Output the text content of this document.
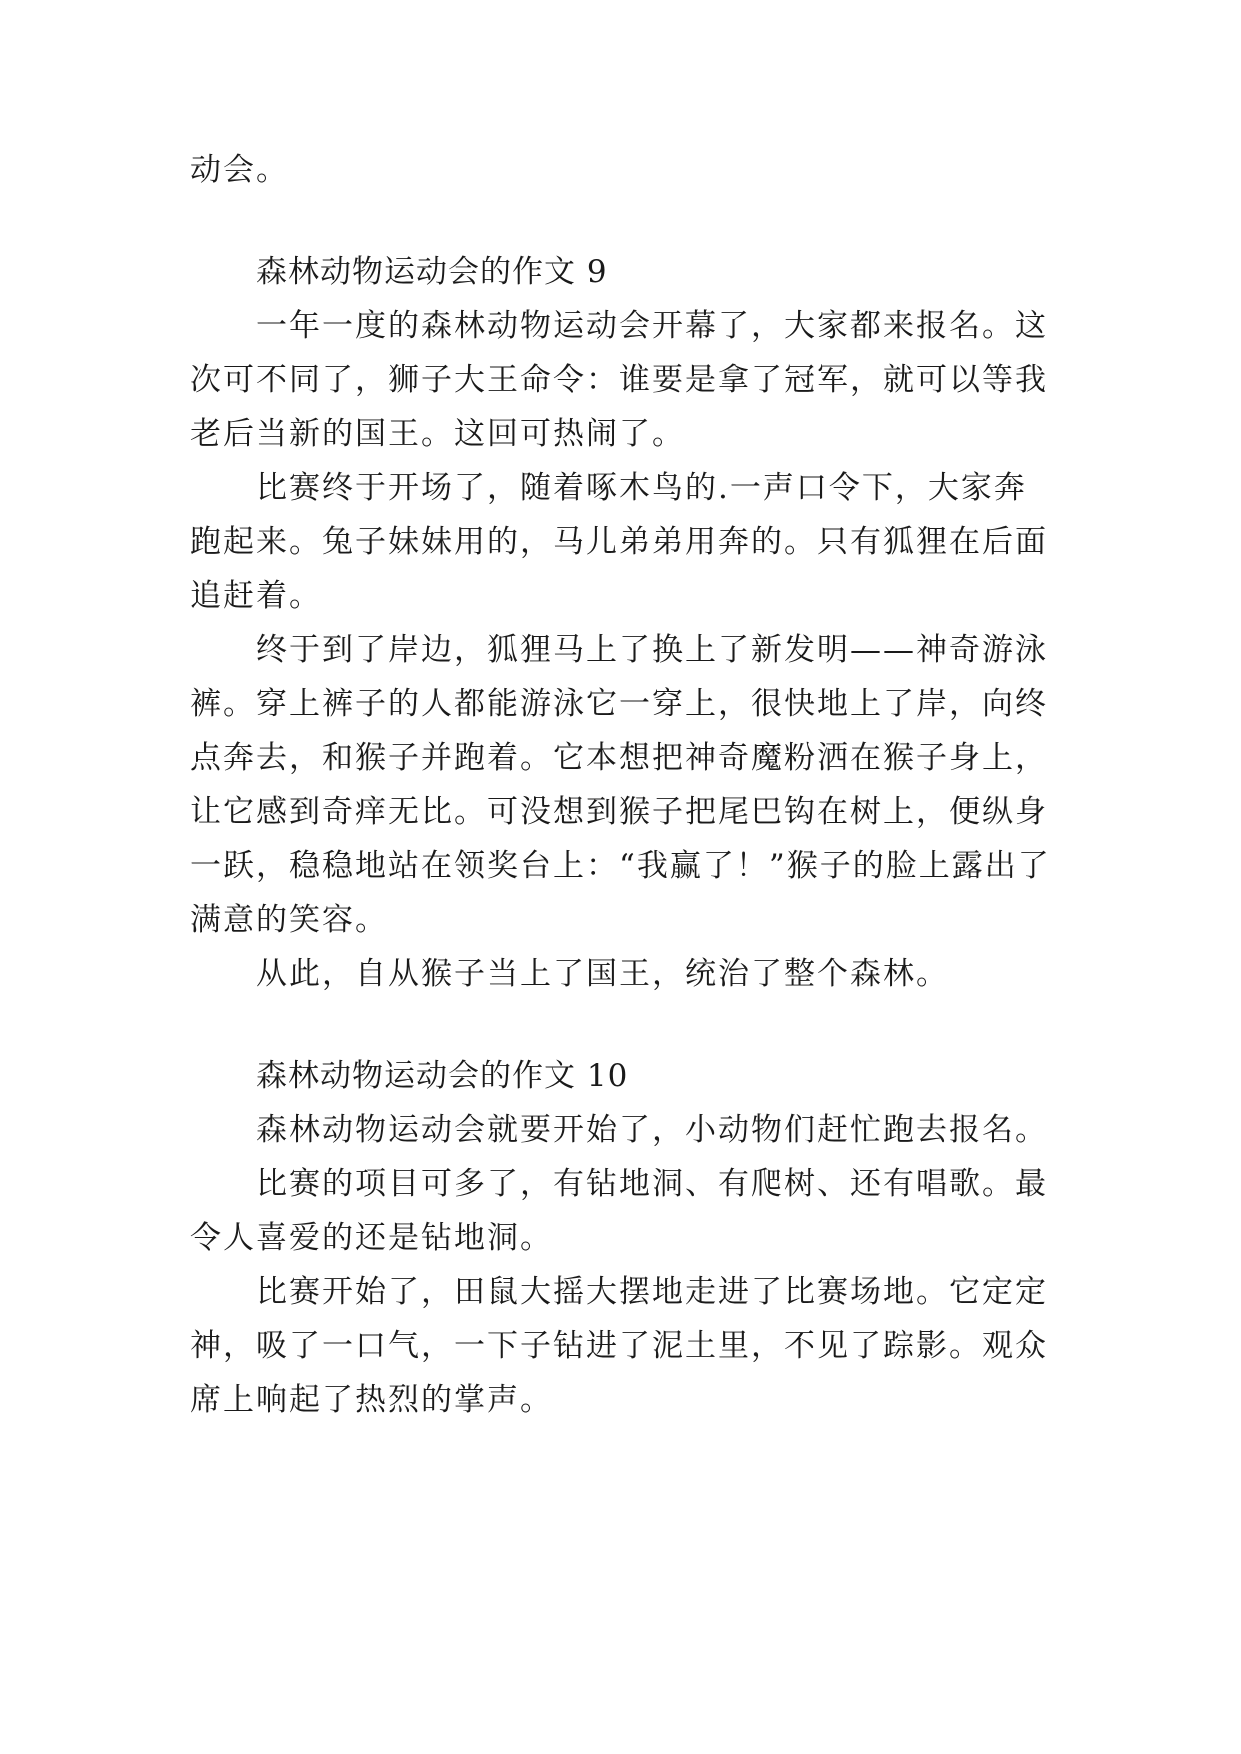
动会。
森林动物运动会的作文 9
一年一度的森林动物运动会开幕了，大家都来报名。这
次可不同了，狮子大王命令：谁要是拿了冠军，就可以等我
老后当新的国王。这回可热闹了。
比赛终于开场了，随着啄木鸟的.一声口令下，大家奔
跑起来。兔子妹妹用的，马儿弟弟用奔的。只有狐狸在后面
追赶着。
终于到了岸边，狐狸马上了换上了新发明——神奇游泳
裤。穿上裤子的人都能游泳它一穿上，很快地上了岸，向终
点奔去，和猴子并跑着。它本想把神奇魔粉洒在猴子身上，
让它感到奇痒无比。可没想到猴子把尾巴钩在树上，便纵身
一跃，稳稳地站在领奖台上：“我赢了！”猴子的脸上露出了
满意的笑容。
从此，自从猴子当上了国王，统治了整个森林。
森林动物运动会的作文 10
森林动物运动会就要开始了，小动物们赶忙跑去报名。
比赛的项目可多了，有钻地洞、有爬树、还有唱歌。最
令人喜爱的还是钻地洞。
比赛开始了，田鼠大摇大摆地走进了比赛场地。它定定
神，吸了一口气，一下子钻进了泥土里，不见了踪影。观众
席上响起了热烈的掌声。
